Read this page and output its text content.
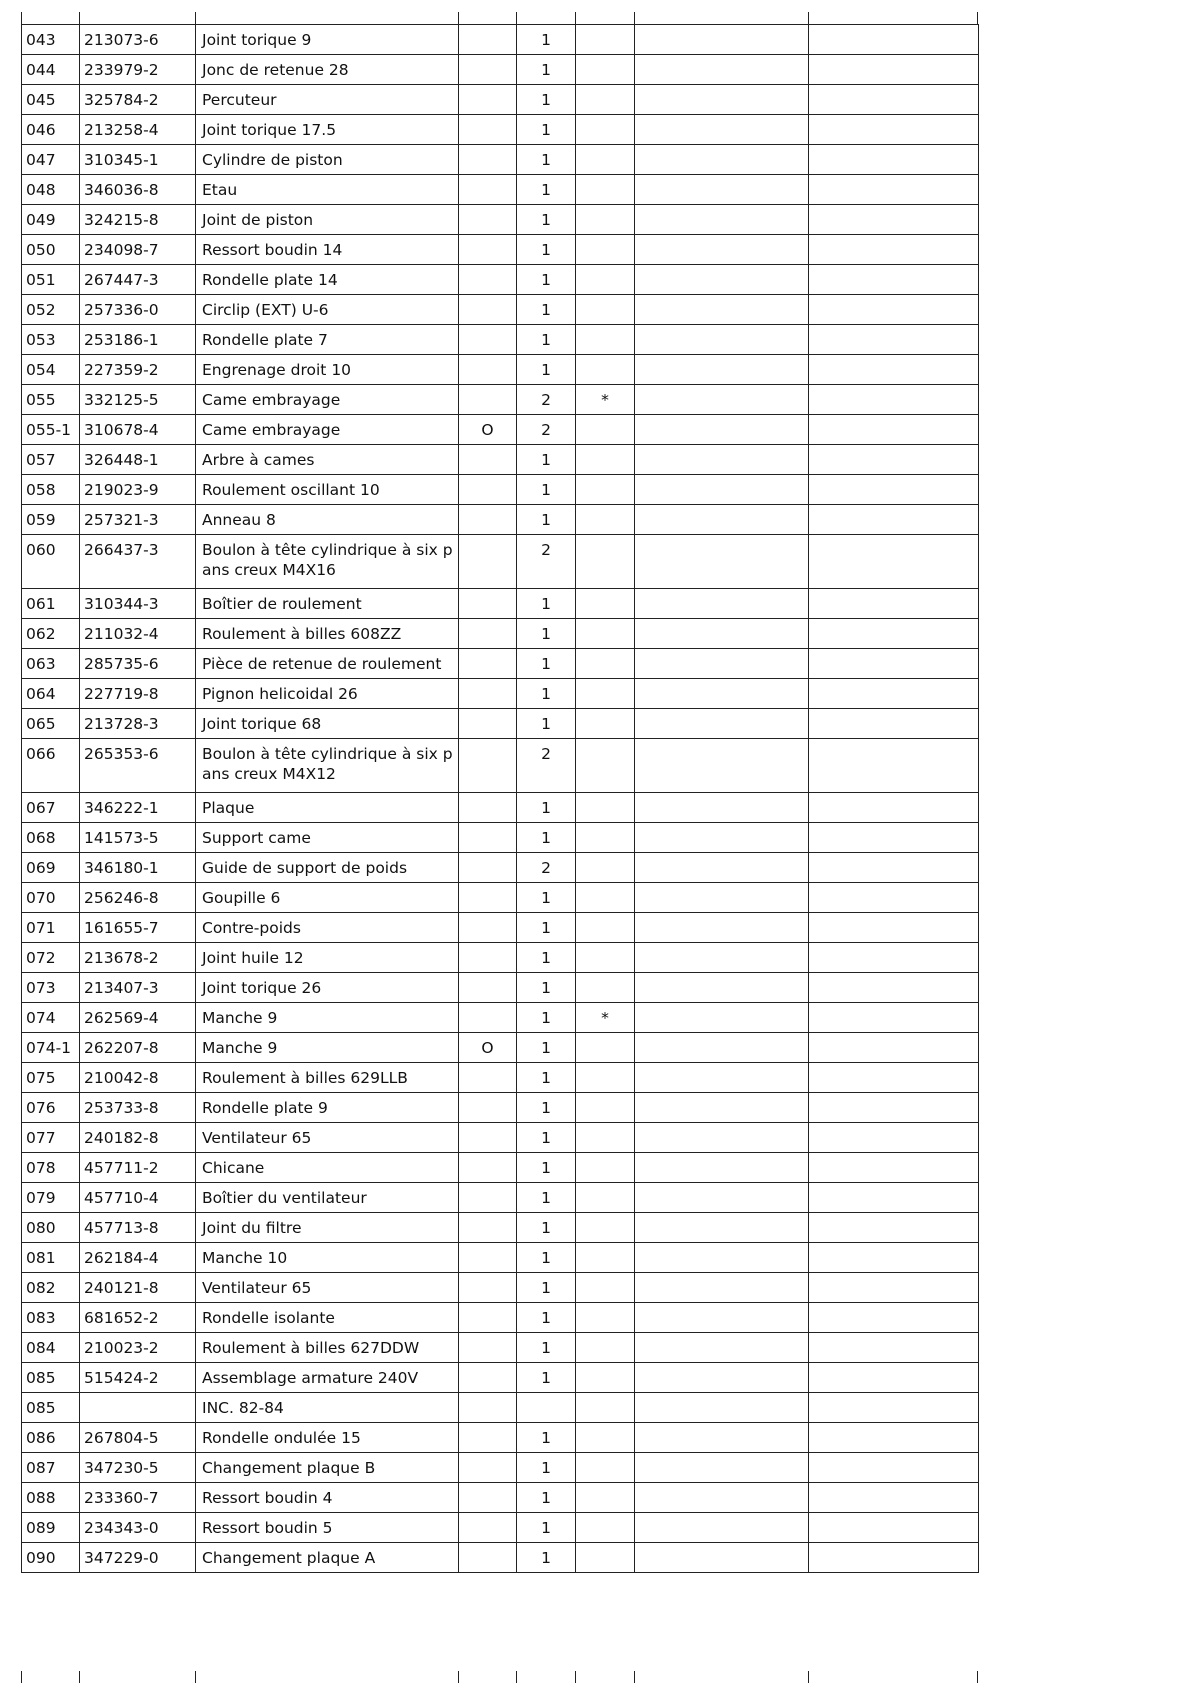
043	213073-6	Joint torique 9		1			
044	233979-2	Jonc de retenue 28		1			
045	325784-2	Percuteur		1			
046	213258-4	Joint torique 17.5		1			
047	310345-1	Cylindre de piston		1			
048	346036-8	Etau		1			
049	324215-8	Joint de piston		1			
050	234098-7	Ressort boudin 14		1			
051	267447-3	Rondelle plate 14		1			
052	257336-0	Circlip (EXT) U-6		1			
053	253186-1	Rondelle plate 7		1			
054	227359-2	Engrenage droit 10		1			
055	332125-5	Came embrayage		2	*		
055-1	310678-4	Came embrayage	O	2			
057	326448-1	Arbre à cames		1			
058	219023-9	Roulement oscillant 10		1			
059	257321-3	Anneau 8		1			
060	266437-3	Boulon à tête cylindrique à six pans creux M4X16		2			
061	310344-3	Boîtier de roulement		1			
062	211032-4	Roulement à billes 608ZZ		1			
063	285735-6	Pièce de retenue de roulement		1			
064	227719-8	Pignon helicoidal 26		1			
065	213728-3	Joint torique 68		1			
066	265353-6	Boulon à tête cylindrique à six pans creux M4X12		2			
067	346222-1	Plaque		1			
068	141573-5	Support came		1			
069	346180-1	Guide de support de poids		2			
070	256246-8	Goupille 6		1			
071	161655-7	Contre-poids		1			
072	213678-2	Joint huile 12		1			
073	213407-3	Joint torique 26		1			
074	262569-4	Manche 9		1	*		
074-1	262207-8	Manche 9	O	1			
075	210042-8	Roulement à billes 629LLB		1			
076	253733-8	Rondelle plate 9		1			
077	240182-8	Ventilateur 65		1			
078	457711-2	Chicane		1			
079	457710-4	Boîtier du ventilateur		1			
080	457713-8	Joint du filtre		1			
081	262184-4	Manche 10		1			
082	240121-8	Ventilateur 65		1			
083	681652-2	Rondelle isolante		1			
084	210023-2	Roulement à billes 627DDW		1			
085	515424-2	Assemblage armature 240V		1			
085		INC. 82-84					
086	267804-5	Rondelle ondulée 15		1			
087	347230-5	Changement plaque B		1			
088	233360-7	Ressort boudin 4		1			
089	234343-0	Ressort boudin 5		1			
090	347229-0	Changement plaque A		1			
